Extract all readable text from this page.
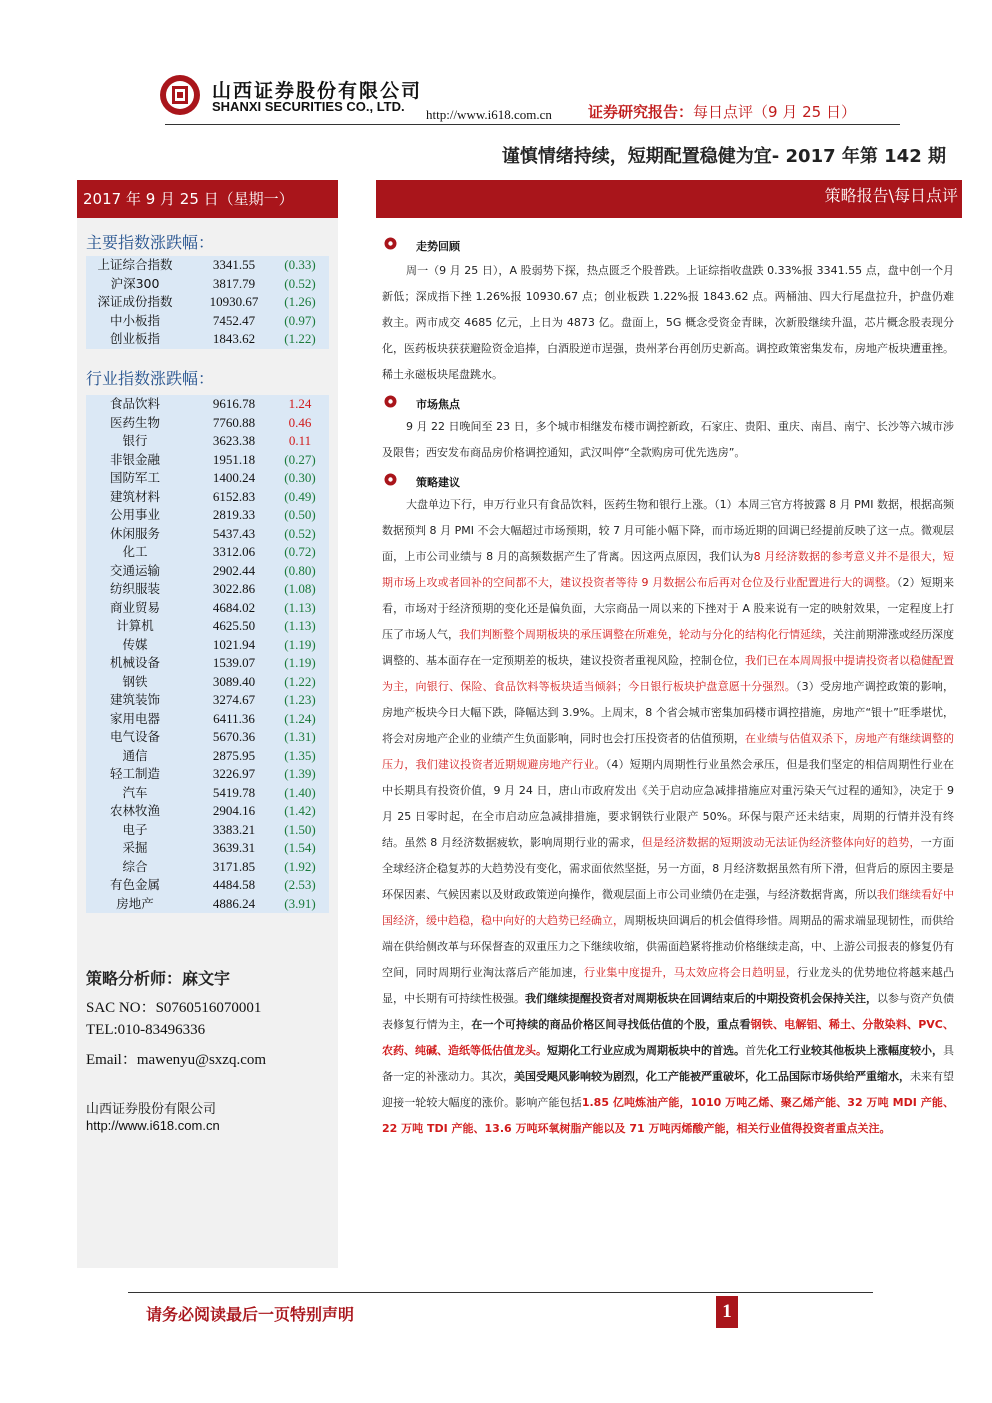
山西证券股份有限公司
SHANXI SECURITIES CO., LTD.
http://www.i618.com.cn 证券研究报告：每日点评（9 月 25 日）
谨慎情绪持续，短期配置稳健为宜- 2017 年第 142 期
2017 年 9 月 25 日（星期一）
主要指数涨跌幅：
上证综合指数	3341.55	(0.33)
沪深300	3817.79	(0.52)
深证成份指数	10930.67	(1.26)
中小板指	7452.47	(0.97)
创业板指	1843.62	(1.22)
行业指数涨跌幅：
食品饮料	9616.78	1.24
医药生物	7760.88	0.46
银行	3623.38	0.11
非银金融	1951.18	(0.27)
国防军工	1400.24	(0.30)
建筑材料	6152.83	(0.49)
公用事业	2819.33	(0.50)
休闲服务	5437.43	(0.52)
化工	3312.06	(0.72)
交通运输	2902.44	(0.80)
纺织服装	3022.86	(1.08)
商业贸易	4684.02	(1.13)
计算机	4625.50	(1.13)
传媒	1021.94	(1.19)
机械设备	1539.07	(1.19)
钢铁	3089.40	(1.22)
建筑装饰	3274.67	(1.23)
家用电器	6411.36	(1.24)
电气设备	5670.36	(1.31)
通信	2875.95	(1.35)
轻工制造	3226.97	(1.39)
汽车	5419.78	(1.40)
农林牧渔	2904.16	(1.42)
电子	3383.21	(1.50)
采掘	3639.31	(1.54)
综合	3171.85	(1.92)
有色金属	4484.58	(2.53)
房地产	4886.24	(3.91)
策略分析师：麻文宇
SAC NO：S0760516070001
TEL:010-83496336
Email：mawenyu@sxzq.com
山西证券股份有限公司
http://www.i618.com.cn
策略报告\每日点评
走势回顾
周一（9 月 25 日），A 股弱势下探，热点匮乏个股普跌。上证综指收盘跌 0.33%报 3341.55 点，盘中创一个月新低；深成指下挫 1.26%报 10930.67 点；创业板跌 1.22%报 1843.62 点。两桶油、四大行尾盘拉升，护盘仍难救主。两市成交 4685 亿元，上日为 4873 亿。盘面上，5G 概念受资金青睐，次新股继续升温，芯片概念股表现分化，医药板块获获避险资金追捧，白酒股逆市逞强，贵州茅台再创历史新高。调控政策密集发布，房地产板块遭重挫。稀土永磁板块尾盘跳水。
市场焦点
9 月 22 日晚间至 23 日，多个城市相继发布楼市调控新政，石家庄、贵阳、重庆、南昌、南宁、长沙等六城市涉及限售；西安发布商品房价格调控通知，武汉叫停“全款购房可优先选房”。
策略建议
大盘单边下行，申万行业只有食品饮料，医药生物和银行上涨。（1）本周三官方将披露 8 月 PMI 数据，根据高频数据预判 8 月 PMI 不会大幅超过市场预期，较 7 月可能小幅下降，而市场近期的回调已经提前反映了这一点。微观层面，上市公司业绩与 8 月的高频数据产生了背离。因这两点原因，我们认为8 月经济数据的参考意义并不是很大，短期市场上攻或者回补的空间都不大，建议投资者等待 9 月数据公布后再对仓位及行业配置进行大的调整。（2）短期来看，市场对于经济预期的变化还是偏负面，大宗商品一周以来的下挫对于 A 股来说有一定的映射效果，一定程度上打压了市场人气，我们判断整个周期板块的承压调整在所难免，轮动与分化的结构化行情延续，关注前期滞涨或经历深度调整的、基本面存在一定预期差的板块，建议投资者重视风险，控制仓位，我们已在本周周报中提请投资者以稳健配置为主，向银行、保险、食品饮料等板块适当倾斜；今日银行板块护盘意愿十分强烈。（3）受房地产调控政策的影响，房地产板块今日大幅下跌，降幅达到 3.9%。上周末，8 个省会城市密集加码楼市调控措施，房地产“银十”旺季堪忧，将会对房地产企业的业绩产生负面影响，同时也会打压投资者的估值预期，在业绩与估值双杀下，房地产有继续调整的压力，我们建议投资者近期规避房地产行业。（4）短期内周期性行业虽然会承压，但是我们坚定的相信周期性行业在中长期具有投资价值，9 月 24 日，唐山市政府发出《关于启动应急减排措施应对重污染天气过程的通知》，决定于 9 月 25 日零时起，在全市启动应急减排措施，要求钢铁行业限产 50%。环保与限产还未结束，周期的行情并没有终结。虽然 8 月经济数据疲软，影响周期行业的需求，但是经济数据的短期波动无法证伪经济整体向好的趋势，一方面全球经济企稳复苏的大趋势没有变化，需求面依然坚挺，另一方面，8 月经济数据虽然有所下滑，但背后的原因主要是环保因素、气候因素以及财政政策逆向操作，微观层面上市公司业绩仍在走强，与经济数据背离，所以我们继续看好中国经济，缓中趋稳，稳中向好的大趋势已经确立，周期板块回调后的机会值得珍惜。周期品的需求端显现韧性，而供给端在供给侧改革与环保督查的双重压力之下继续收缩，供需面趋紧将推动价格继续走高，中、上游公司报表的修复仍有空间，同时周期行业淘汰落后产能加速，行业集中度提升，马太效应将会日趋明显，行业龙头的优势地位将越来越凸显，中长期有可持续性极强。我们继续提醒投资者对周期板块在回调结束后的中期投资机会保持关注，以参与资产负债表修复行情为主，在一个可持续的商品价格区间寻找低估值的个股，重点看钢铁、电解铝、稀土、分散染料、PVC、农药、纯碱、造纸等低估值龙头。短期化工行业应成为周期板块中的首选。首先化工行业较其他板块上涨幅度较小，具备一定的补涨动力。其次，美国受飓风影响较为剧烈，化工产能被严重破坏，化工品国际市场供给严重缩水，未来有望迎接一轮较大幅度的涨价。影响产能包括1.85 亿吨炼油产能，1010 万吨乙烯、聚乙烯产能、32 万吨 MDI 产能、22 万吨 TDI 产能、13.6 万吨环氧树脂产能以及 71 万吨丙烯酸产能，相关行业值得投资者重点关注。
请务必阅读最后一页特别声明	1
